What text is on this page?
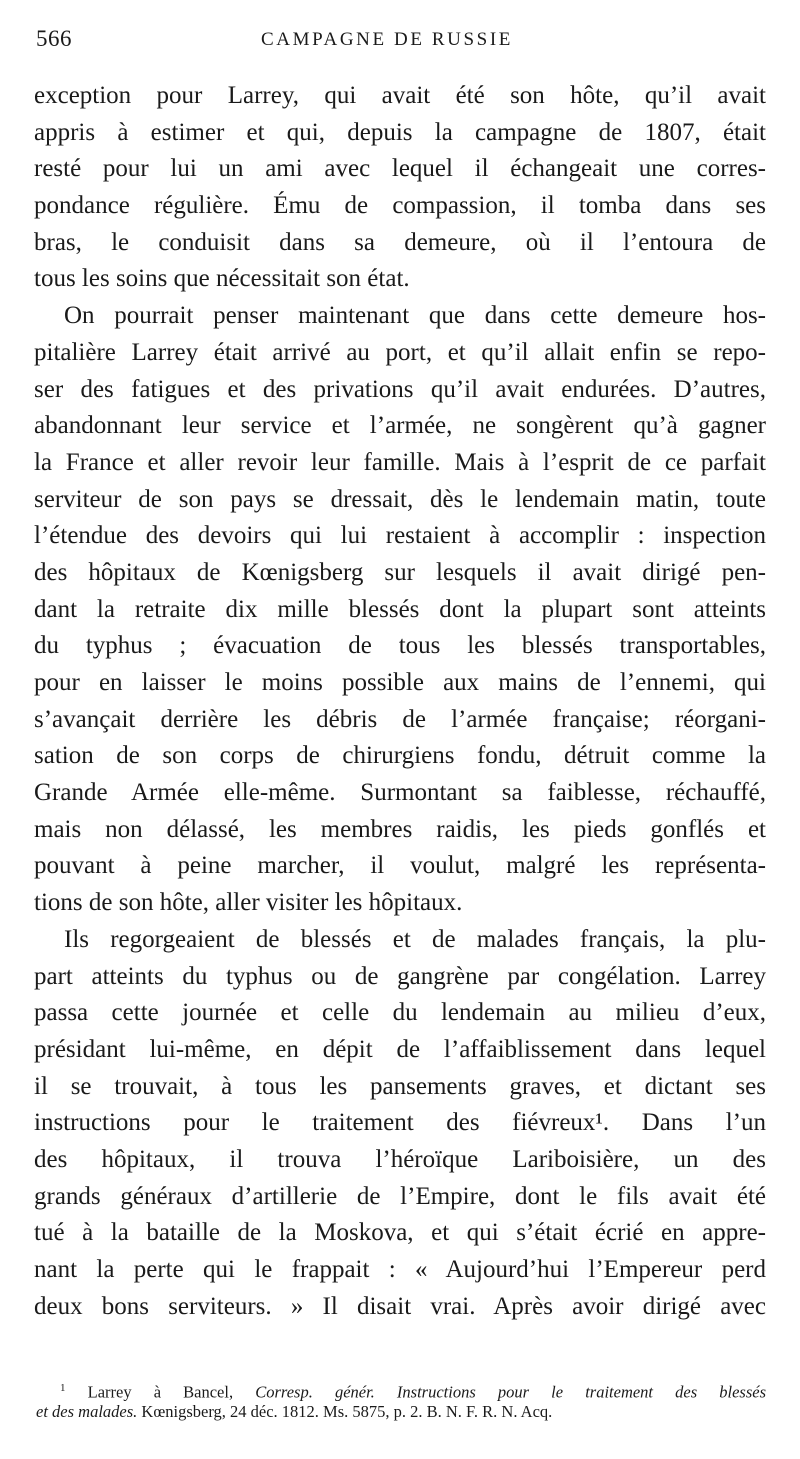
566	CAMPAGNE DE RUSSIE
exception pour Larrey, qui avait été son hôte, qu’il avait
appris à estimer et qui, depuis la campagne de 1807, était
resté pour lui un ami avec lequel il échangeait une corres-
pondance régulière. Ému de compassion, il tomba dans ses
bras, le conduisit dans sa demeure, où il l’entoura de
tous les soins que nécessitait son état.
On pourrait penser maintenant que dans cette demeure hos-
pitalière Larrey était arrivé au port, et qu’il allait enfin se repo-
ser des fatigues et des privations qu’il avait endurées. D’autres,
abandonnant leur service et l’armée, ne songèrent qu’à gagner
la France et aller revoir leur famille. Mais à l’esprit de ce parfait
serviteur de son pays se dressait, dès le lendemain matin, toute
l’étendue des devoirs qui lui restaient à accomplir : inspection
des hôpitaux de Kœnigsberg sur lesquels il avait dirigé pen-
dant la retraite dix mille blessés dont la plupart sont atteints
du typhus ; évacuation de tous les blessés transportables,
pour en laisser le moins possible aux mains de l’ennemi, qui
s’avançait derrière les débris de l’armée française; réorgani-
sation de son corps de chirurgiens fondu, détruit comme la
Grande Armée elle-même. Surmontant sa faiblesse, réchauffé,
mais non délassé, les membres raidis, les pieds gonflés et
pouvant à peine marcher, il voulut, malgré les représenta-
tions de son hôte, aller visiter les hôpitaux.
Ils regorgeaient de blessés et de malades français, la plu-
part atteints du typhus ou de gangrène par congélation. Larrey
passa cette journée et celle du lendemain au milieu d’eux,
présidant lui-même, en dépit de l’affaiblissement dans lequel
il se trouvait, à tous les pansements graves, et dictant ses
instructions pour le traitement des fiévreux¹. Dans l’un
des hôpitaux, il trouva l’héroïque Lariboisière, un des
grands généraux d’artillerie de l’Empire, dont le fils avait été
tué à la bataille de la Moskova, et qui s’était écrié en appre-
nant la perte qui le frappait : « Aujourd’hui l’Empereur perd
deux bons serviteurs. » Il disait vrai. Après avoir dirigé avec
$^1$ Larrey à Bancel, Corresp. génér. Instructions pour le traitement des blessés
et des malades. Kœnigsberg, 24 déc. 1812. Ms. 5875, p. 2. B. N. F. R. N. Acq.
